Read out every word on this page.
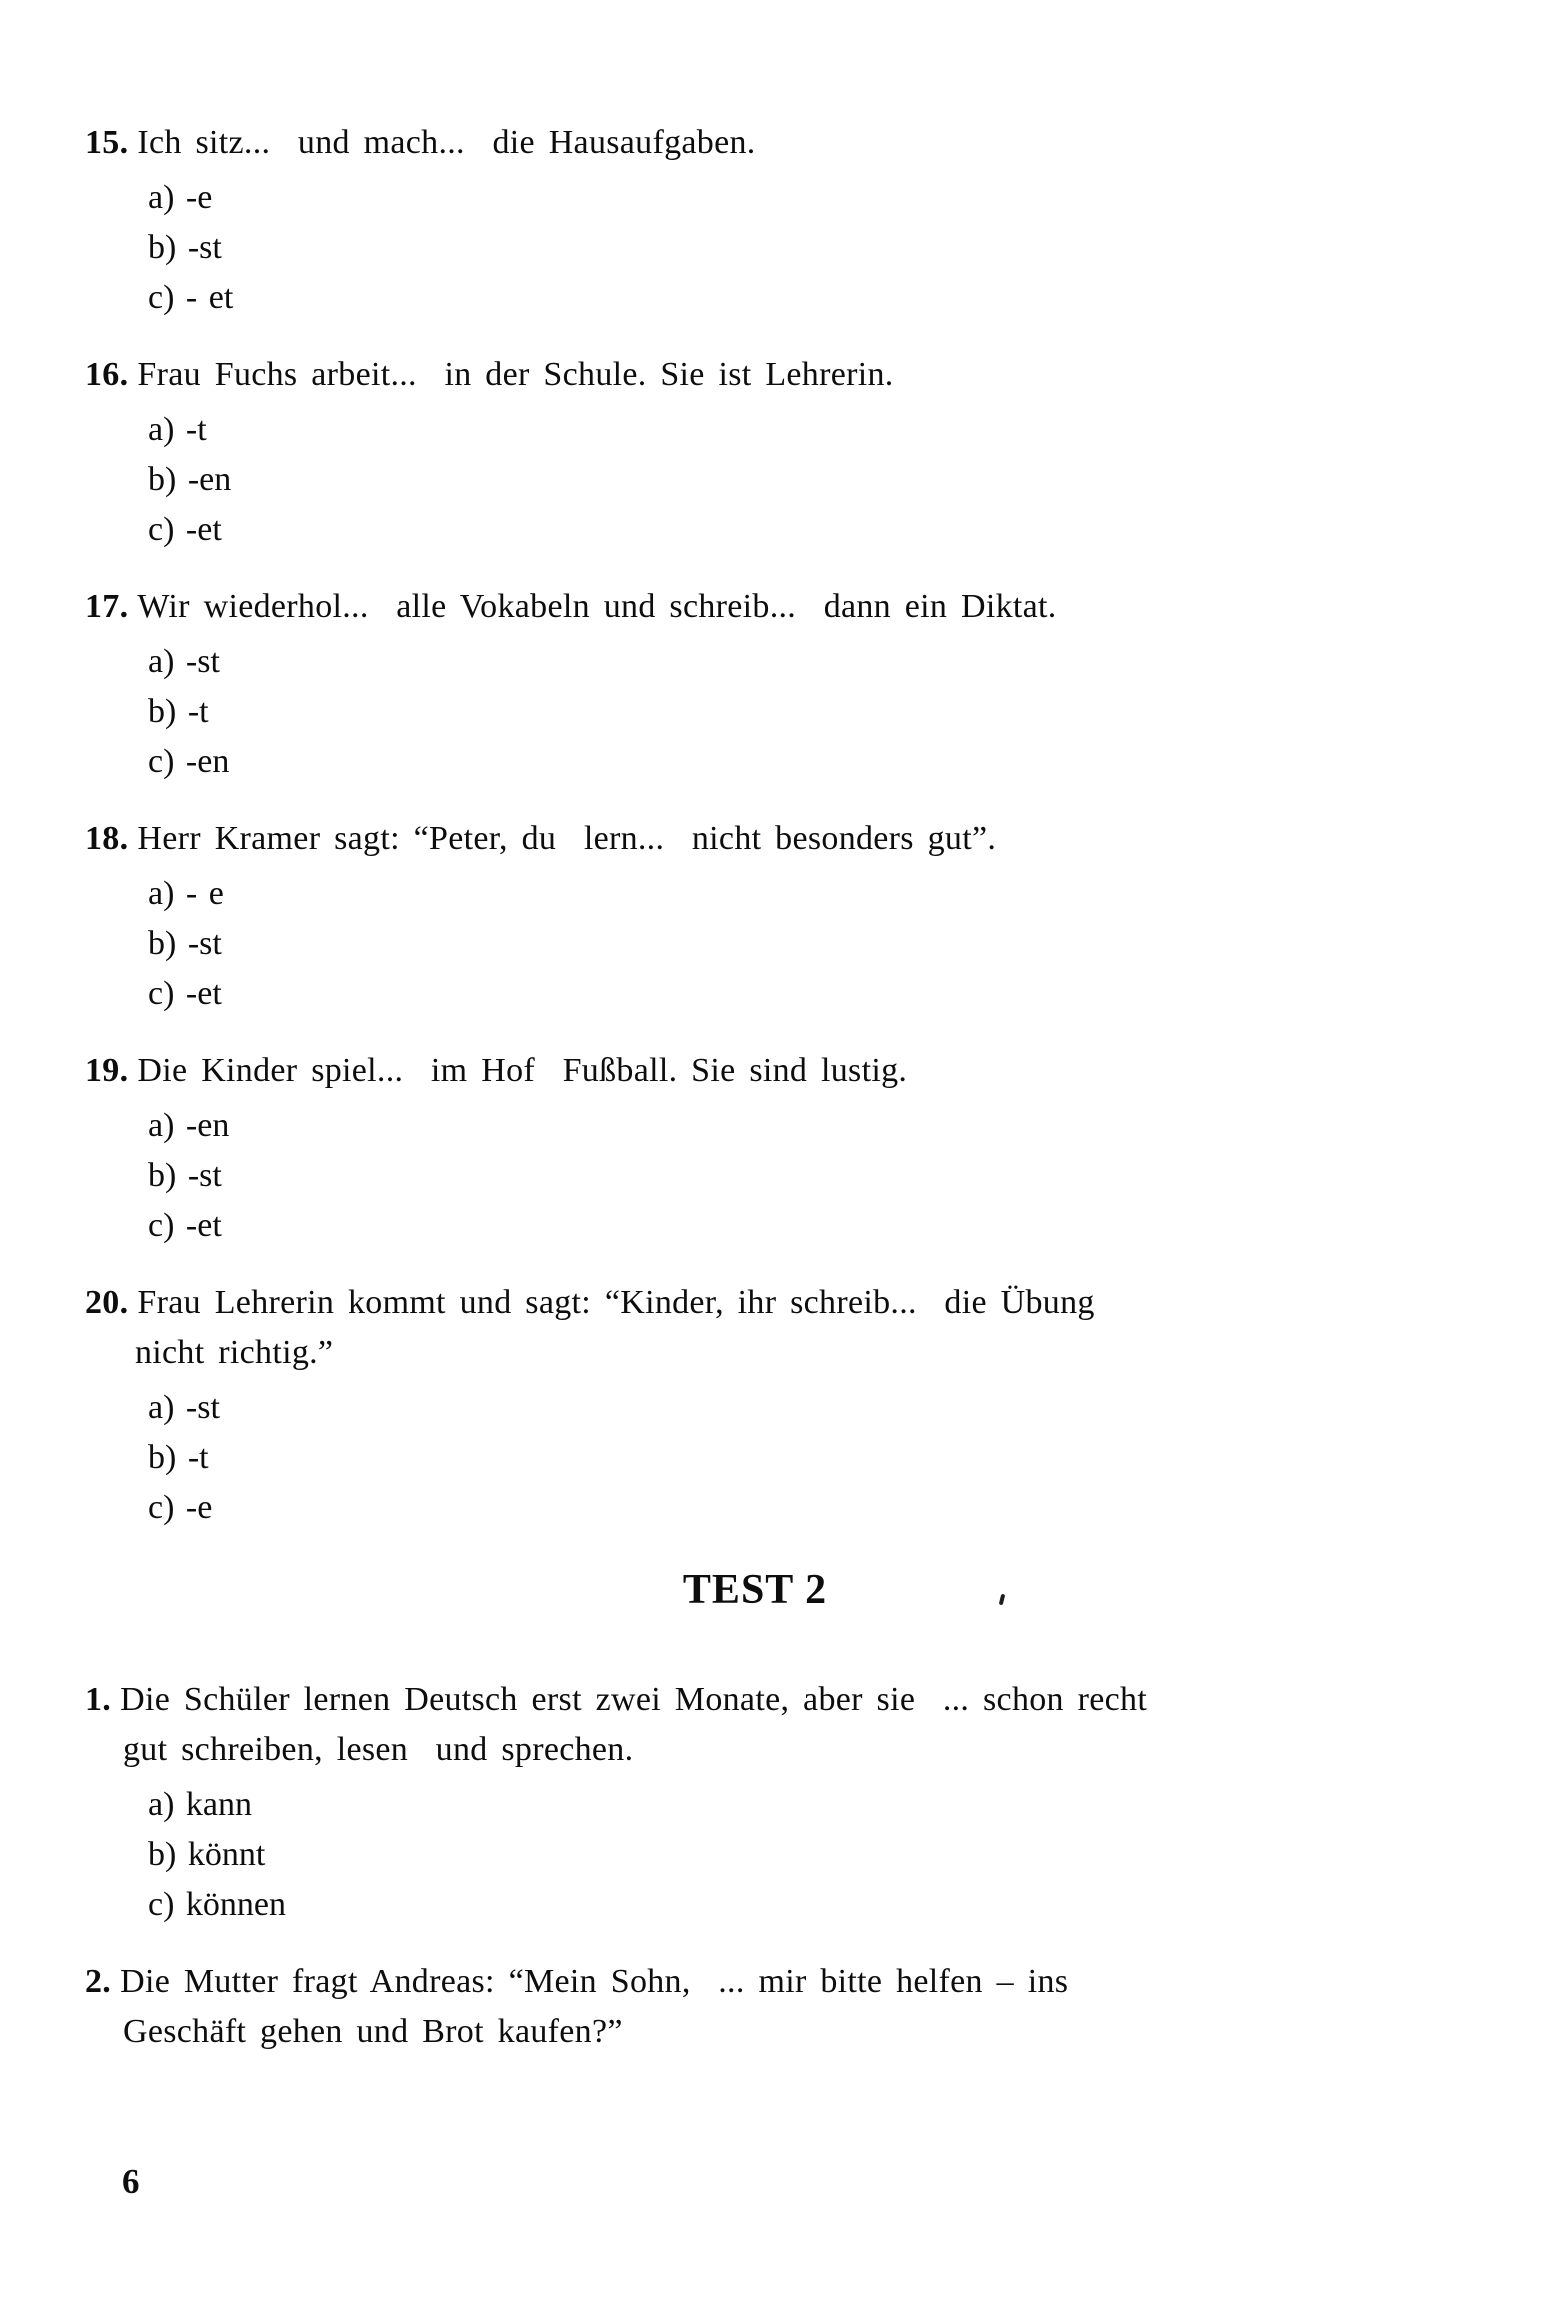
15. Ich sitz...  und mach...  die Hausaufgaben.

a) -e

b) -st

c) - et

16. Frau Fuchs arbeit...  in der Schule. Sie ist Lehrerin.

a) -t

b) -en

c) -et

17. Wir wiederhol...  alle Vokabeln und schreib...  dann ein Diktat.

a) -st

b) -t

c) -en

18. Herr Kramer sagt: “Peter, du  lern...  nicht besonders gut”.

a) - e

b) -st

c) -et

19. Die Kinder spiel...  im Hof  Fußball. Sie sind lustig.

a) -en

b) -st

c) -et

20. Frau Lehrerin kommt und sagt: “Kinder, ihr schreib...  die Übung
nicht richtig.”

a) -st

b) -t

c) -e

TEST 2

1. Die Schüler lernen Deutsch erst zwei Monate, aber sie  ... schon recht
gut schreiben, lesen  und sprechen.

a) kann

b) könnt

c) können

2. Die Mutter fragt Andreas: “Mein Sohn,  ... mir bitte helfen – ins
Geschäft gehen und Brot kaufen?”

6
